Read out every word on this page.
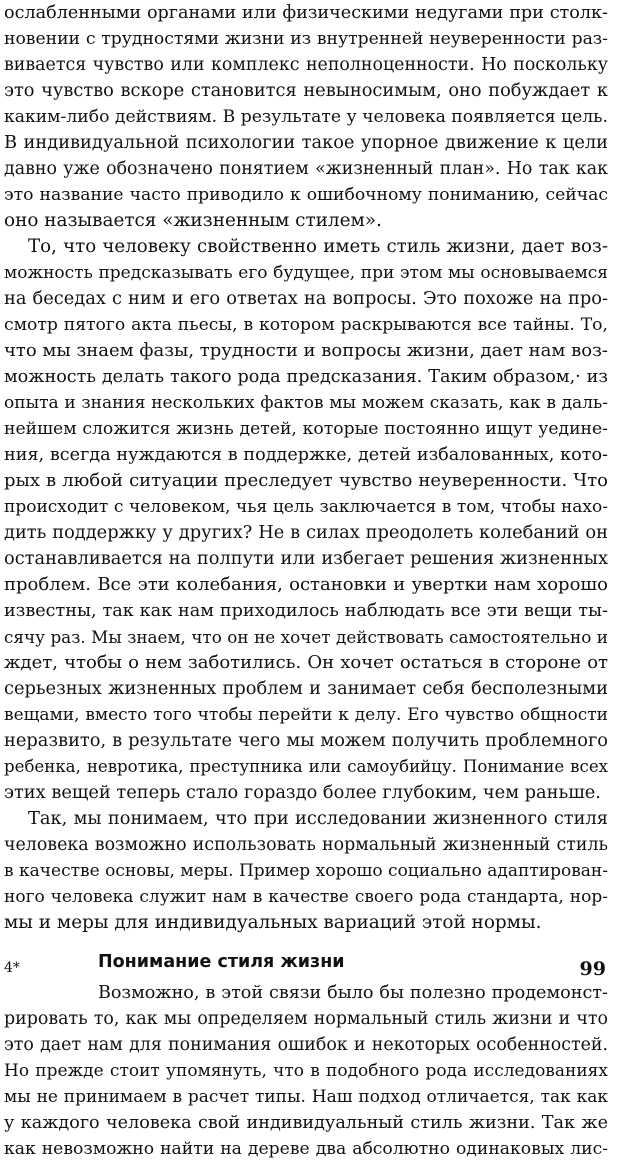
ослабленными органами или физическими недугами при столк-
новении с трудностями жизни из внутренней неуверенности раз-
вивается чувство или комплекс неполноценности. Но поскольку
это чувство вскоре становится невыносимым, оно побуждает к
каким-либо действиям. В результате у человека появляется цель.
В индивидуальной психологии такое упорное движение к цели
давно уже обозначено понятием «жизненный план». Но так как
это название часто приводило к ошибочному пониманию, сейчас
оно называется «жизненным стилем».
То, что человеку свойственно иметь стиль жизни, дает воз-
можность предсказывать его будущее, при этом мы основываемся
на беседах с ним и его ответах на вопросы. Это похоже на про-
смотр пятого акта пьесы, в котором раскрываются все тайны. То,
что мы знаем фазы, трудности и вопросы жизни, дает нам воз-
можность делать такого рода предсказания. Таким образом,· из
опыта и знания нескольких фактов мы можем сказать, как в даль-
нейшем сложится жизнь детей, которые постоянно ищут уедине-
ния, всегда нуждаются в поддержке, детей избалованных, кото-
рых в любой ситуации преследует чувство неуверенности. Что
происходит с человеком, чья цель заключается в том, чтобы нахо-
дить поддержку у других? Не в силах преодолеть колебаний он
останавливается на полпути или избегает решения жизненных
проблем. Все эти колебания, остановки и увертки нам хорошо
известны, так как нам приходилось наблюдать все эти вещи ты-
сячу раз. Мы знаем, что он не хочет действовать самостоятельно и
ждет, чтобы о нем заботились. Он хочет остаться в стороне от
серьезных жизненных проблем и занимает себя бесполезными
вещами, вместо того чтобы перейти к делу. Его чувство общности
неразвито, в результате чего мы можем получить проблемного
ребенка, невротика, преступника или самоубийцу. Понимание всех
этих вещей теперь стало гораздо более глубоким, чем раньше.
Так, мы понимаем, что при исследовании жизненного стиля
человека возможно использовать нормальный жизненный стиль
в качестве основы, меры. Пример хорошо социально адаптирован-
ного человека служит нам в качестве своего рода стандарта, нор-
мы и меры для индивидуальных вариаций этой нормы.
Понимание стиля жизни
Возможно, в этой связи было бы полезно продемонст-
рировать то, как мы определяем нормальный стиль жизни и что
это дает нам для понимания ошибок и некоторых особенностей.
Но прежде стоит упомянуть, что в подобного рода исследованиях
мы не принимаем в расчет типы. Наш подход отличается, так как
у каждого человека свой индивидуальный стиль жизни. Так же
как невозможно найти на дереве два абсолютно одинаковых лис-
4*	99
